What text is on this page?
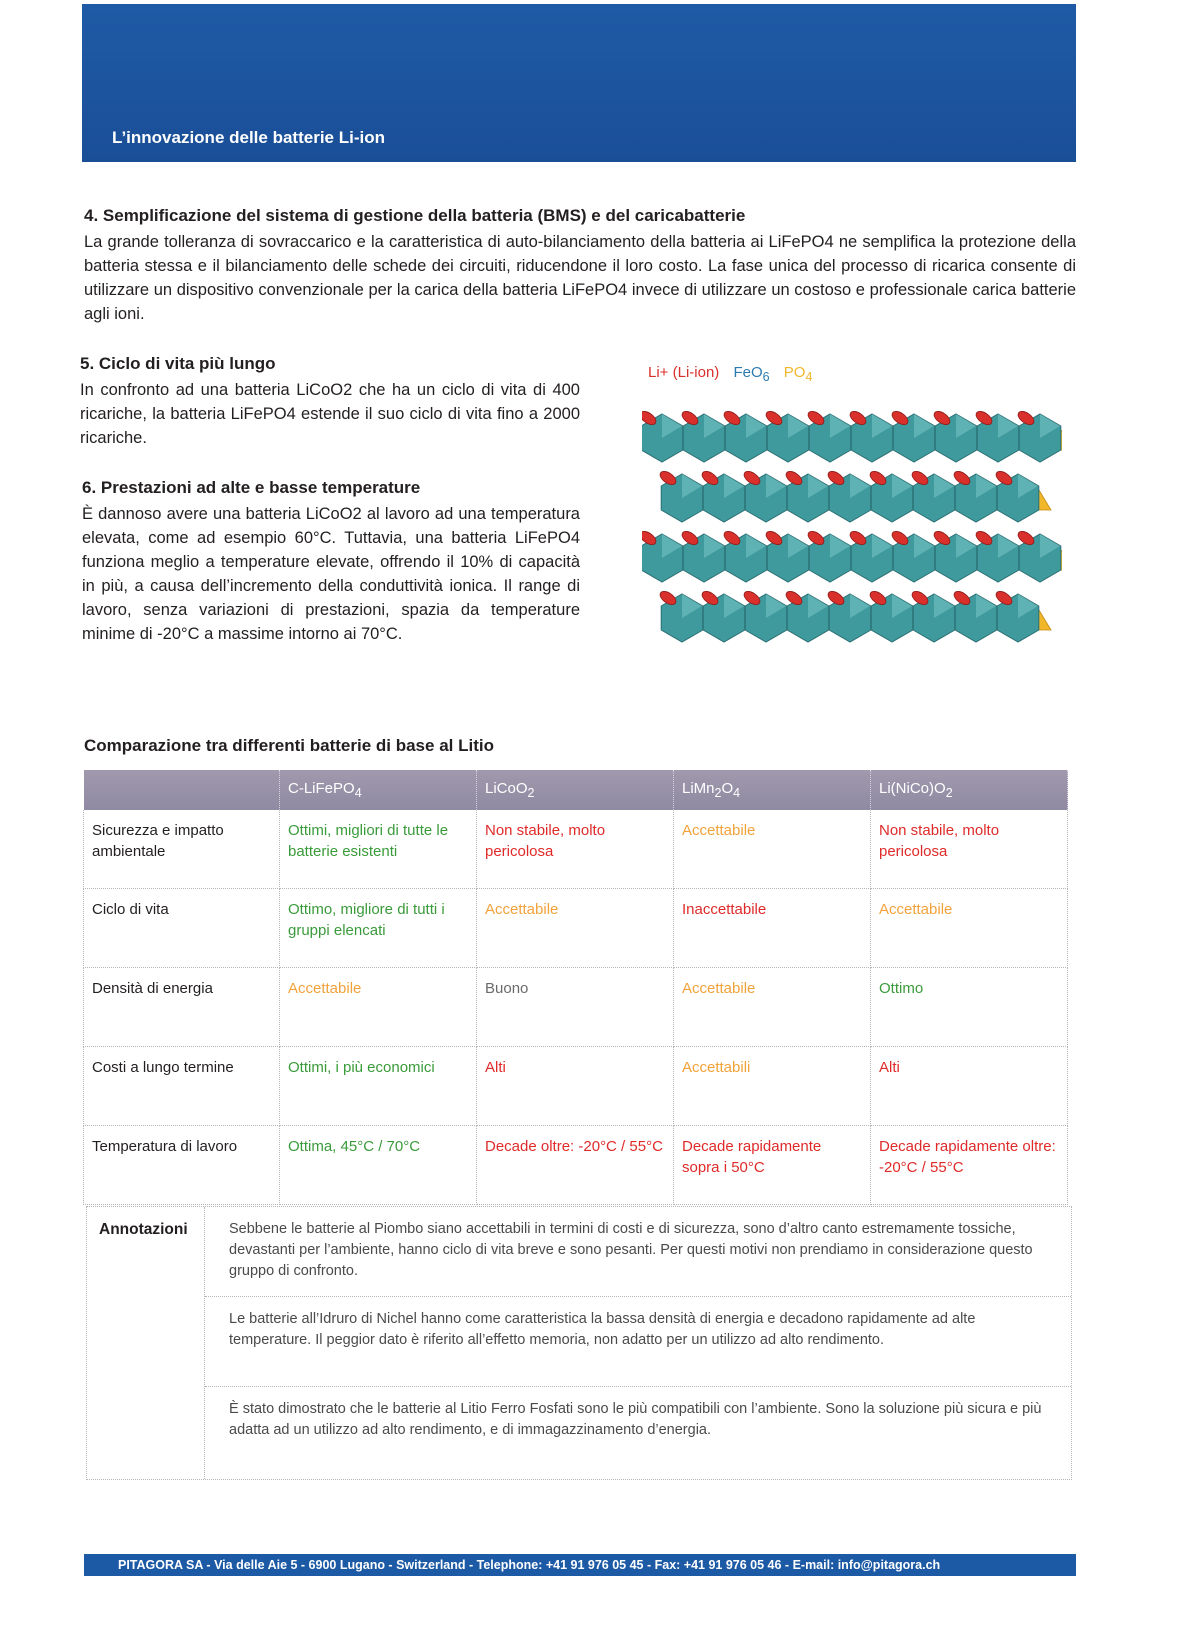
L’innovazione delle batterie Li-ion
4. Semplificazione del sistema di gestione della batteria (BMS) e del caricabatterie

La grande tolleranza di sovraccarico e la caratteristica di auto-bilanciamento della batteria ai LiFePO4 ne semplifica la protezione della batteria stessa e il bilanciamento delle schede dei circuiti, riducendone il loro costo. La fase unica del processo di ricarica consente di utilizzare un dispositivo convenzionale per la carica della batteria LiFePO4 invece di utilizzare un costoso e professionale carica batterie agli ioni.

5. Ciclo di vita più lungo

In confronto ad una batteria LiCoO2 che ha un ciclo di vita di 400 ricariche, la batteria LiFePO4 estende il suo ciclo di vita fino a 2000 ricariche.

6. Prestazioni ad alte e basse temperature

È dannoso avere una batteria LiCoO2 al lavoro ad una temperatura elevata, come ad esempio 60°C. Tuttavia, una batteria LiFePO4 funziona meglio a temperature elevate, offrendo il 10% di capacità in più, a causa dell’incremento della conduttività ionica. Il range di lavoro, senza variazioni di prestazioni, spazia da temperature minime di -20°C a massime intorno ai 70°C.

Li+ (Li-ion) FeO$_6$ $PO_4$
Comparazione tra differenti batterie di base al Litio
	C-LiFePO$_4$	LiCoO$_2$	$LiMn_2O_4$	$Li(NiCo)O_2$
Sicurezza e impatto ambientale	Ottimi, migliori di tutte le batterie esistenti	Non stabile, molto pericolosa	Accettabile	Non stabile, molto pericolosa
Ciclo di vita	Ottimo, migliore di tutti i gruppi elencati	Accettabile	Inaccettabile	Accettabile
Densità di energia	Accettabile	Buono	Accettabile	Ottimo
Costi a lungo termine	Ottimi, i più economici	Alti	Accettabili	Alti
Temperatura di lavoro	Ottima, 45°C / 70°C	Decade oltre: -20°C / 55°C	Decade rapidamente sopra i 50°C	Decade rapidamente oltre: -20°C / 55°C
Annotazioni	Sebbene le batterie al Piombo siano accettabili in termini di costi e di sicurezza, sono d’altro canto estremamente tossiche, devastanti per l’ambiente, hanno ciclo di vita breve e sono pesanti. Per questi motivi non prendiamo in considerazione questo gruppo di confronto.
Le batterie all’Idruro di Nichel hanno come caratteristica la bassa densità di energia e decadono rapidamente ad alte temperature. Il peggior dato è riferito all’effetto memoria, non adatto per un utilizzo ad alto rendimento.
È stato dimostrato che le batterie al Litio Ferro Fosfati sono le più compatibili con l’ambiente. Sono la soluzione più sicura e più adatta ad un utilizzo ad alto rendimento, e di immagazzinamento d’energia.
PITAGORA SA - Via delle Aie 5 - 6900 Lugano - Switzerland - Telephone: +41 91 976 05 45 - Fax: +41 91 976 05 46 - E-mail: info@pitagora.ch
